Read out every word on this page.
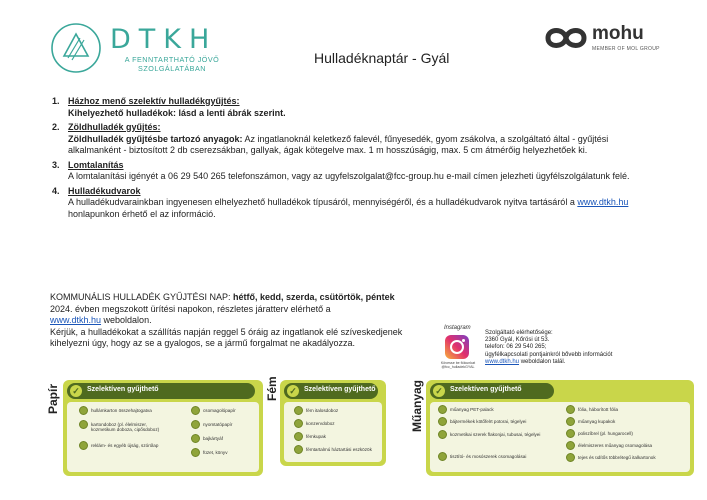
DTKH
A FENNTARTHATÓ JÖVŐ SZOLGÁLATÁBAN
Hulladéknaptár - Gyál
mohu
MEMBER OF MOL GROUP
1. Házhoz menő szelektív hulladékgyűjtés:
Kihelyezhető hulladékok: lásd a lenti ábrák szerint.
2. Zöldhulladék gyűjtés:
Zöldhulladék gyűjtésbe tartozó anyagok: Az ingatlanoknál keletkező falevél, fűnyesedék, gyom zsákolva, a szolgáltató által - gyűjtési alkalmanként - biztosított 2 db cserezsákban, gallyak, ágak kötegelve max. 1 m hosszúságig, max. 5 cm átmérőig helyezhetőek ki.
3. Lomtalanítás
A lomtalanítási igényét a 06 29 540 265 telefonszámon, vagy az ugyfelszolgalat@fcc-group.hu e-mail címen jelezheti ügyfélszolgálatunk felé.
4. Hulladékudvarok
A hulladékudvarainkban ingyenesen elhelyezhető hulladékok típusáról, mennyiségéről, és a hulladékudvarok nyitva tartásáról a www.dtkh.hu honlapunkon érhető el az információ.
KOMMUNÁLIS HULLADÉK GYŰJTÉSI NAP: hétfő, kedd, szerda, csütörtök, péntek
2024. évben megszokott ürítési napokon, részletes járatterv elérhető a
www.dtkh.hu weboldalon.
Kérjük, a hulladékokat a szállítás napján reggel 5 óráig az ingatlanok elé szíveskedjenek kihelyezni úgy, hogy az se a gyalogos, se a jármű forgalmat ne akadályozza.
Instagram
Kövesse be fiókunkat
@fcc_hulladekGYAL
Szolgáltató elérhetősége:
2360 Gyál, Kőrösi út 53.
telefon: 06 29 540 265;
ügyfélkapcsolati pontjainkról bővebb információt
www.dtkh.hu weboldalon talál.
Papír ✓	Szelektíven gyűjthető
hullámkarton összehajtogatva
kartondoboz (pl. élelmiszer, kozmetikum doboza, cipősdoboz)
reklám- és egyéb újság, szórólap
csomagolópapír
nyomtatópapír
bajkártyáf
füzet, könyv
Fém ✓	Szelektíven gyűjthető
fém italosdoboz
konzervdoboz
fémkupak
fémtartalmú háztartási eszközök
Műanyag ✓	Szelektíven gyűjthető
műanyag PET-palack
bájtermékek kötőfelrt potorai, tégelyei
kozmetikai szerek flakonjai, tubusai, tégelyei
tisztító- és mosószerek csomagolásai
fólia, háborított fólia
műanyag kupakok
poliszíbrel (pl. hungarocell)
élelmiszeres műanyag csomagolása
tejes és üdítős többrétegű italkartonok
